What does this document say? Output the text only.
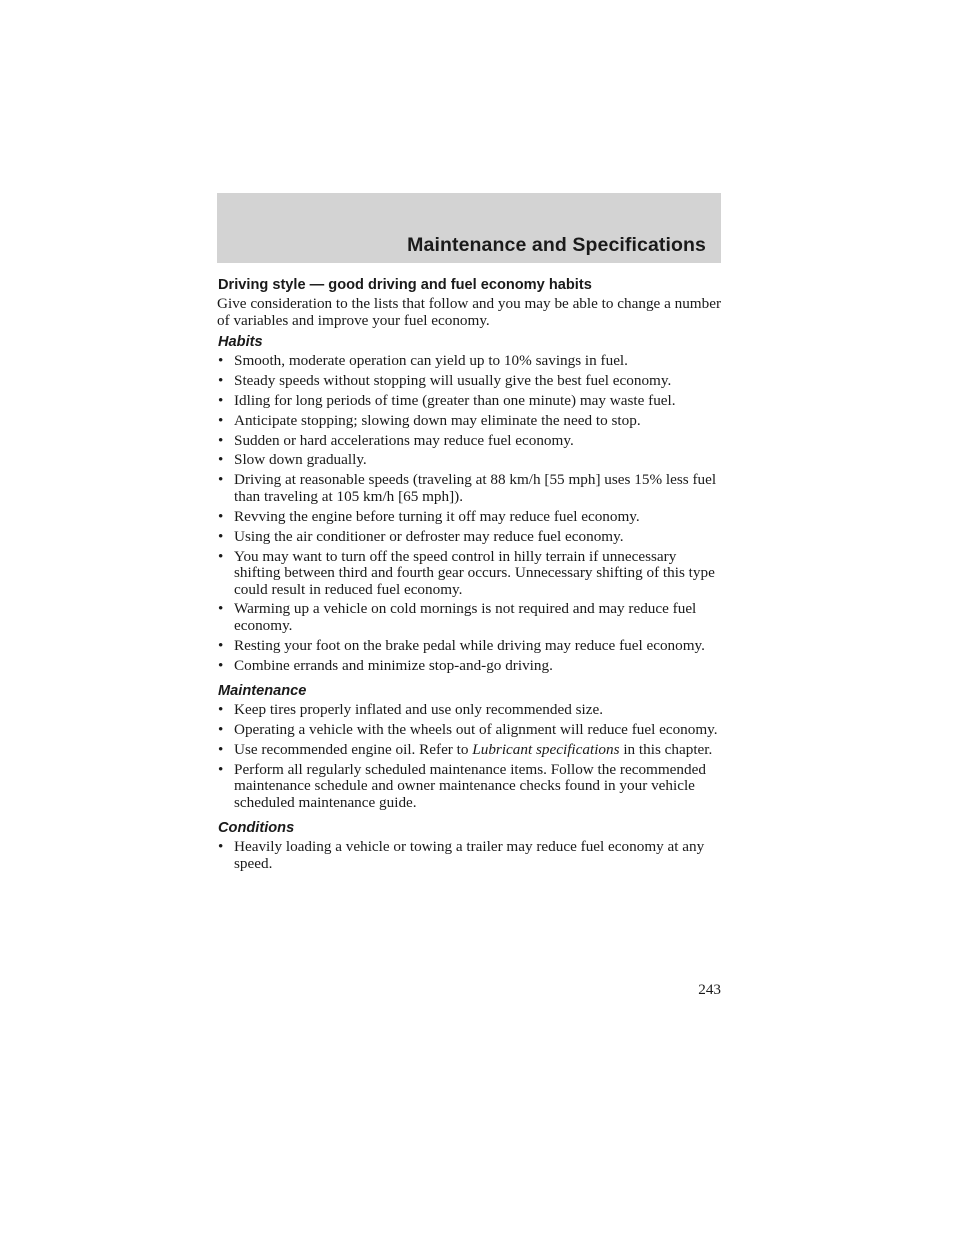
Maintenance and Specifications
Driving style — good driving and fuel economy habits

Give consideration to the lists that follow and you may be able to change a number of variables and improve your fuel economy.

Habits
• Smooth, moderate operation can yield up to 10% savings in fuel.
• Steady speeds without stopping will usually give the best fuel economy.
• Idling for long periods of time (greater than one minute) may waste fuel.
• Anticipate stopping; slowing down may eliminate the need to stop.
• Sudden or hard accelerations may reduce fuel economy.
• Slow down gradually.
• Driving at reasonable speeds (traveling at 88 km/h [55 mph] uses 15% less fuel than traveling at 105 km/h [65 mph]).
• Revving the engine before turning it off may reduce fuel economy.
• Using the air conditioner or defroster may reduce fuel economy.
• You may want to turn off the speed control in hilly terrain if unnecessary shifting between third and fourth gear occurs. Unnecessary shifting of this type could result in reduced fuel economy.
• Warming up a vehicle on cold mornings is not required and may reduce fuel economy.
• Resting your foot on the brake pedal while driving may reduce fuel economy.
• Combine errands and minimize stop-and-go driving.
Maintenance
• Keep tires properly inflated and use only recommended size.
• Operating a vehicle with the wheels out of alignment will reduce fuel economy.
• Use recommended engine oil. Refer to Lubricant specifications in this chapter.
• Perform all regularly scheduled maintenance items. Follow the recommended maintenance schedule and owner maintenance checks found in your vehicle scheduled maintenance guide.
Conditions
• Heavily loading a vehicle or towing a trailer may reduce fuel economy at any speed.
243
